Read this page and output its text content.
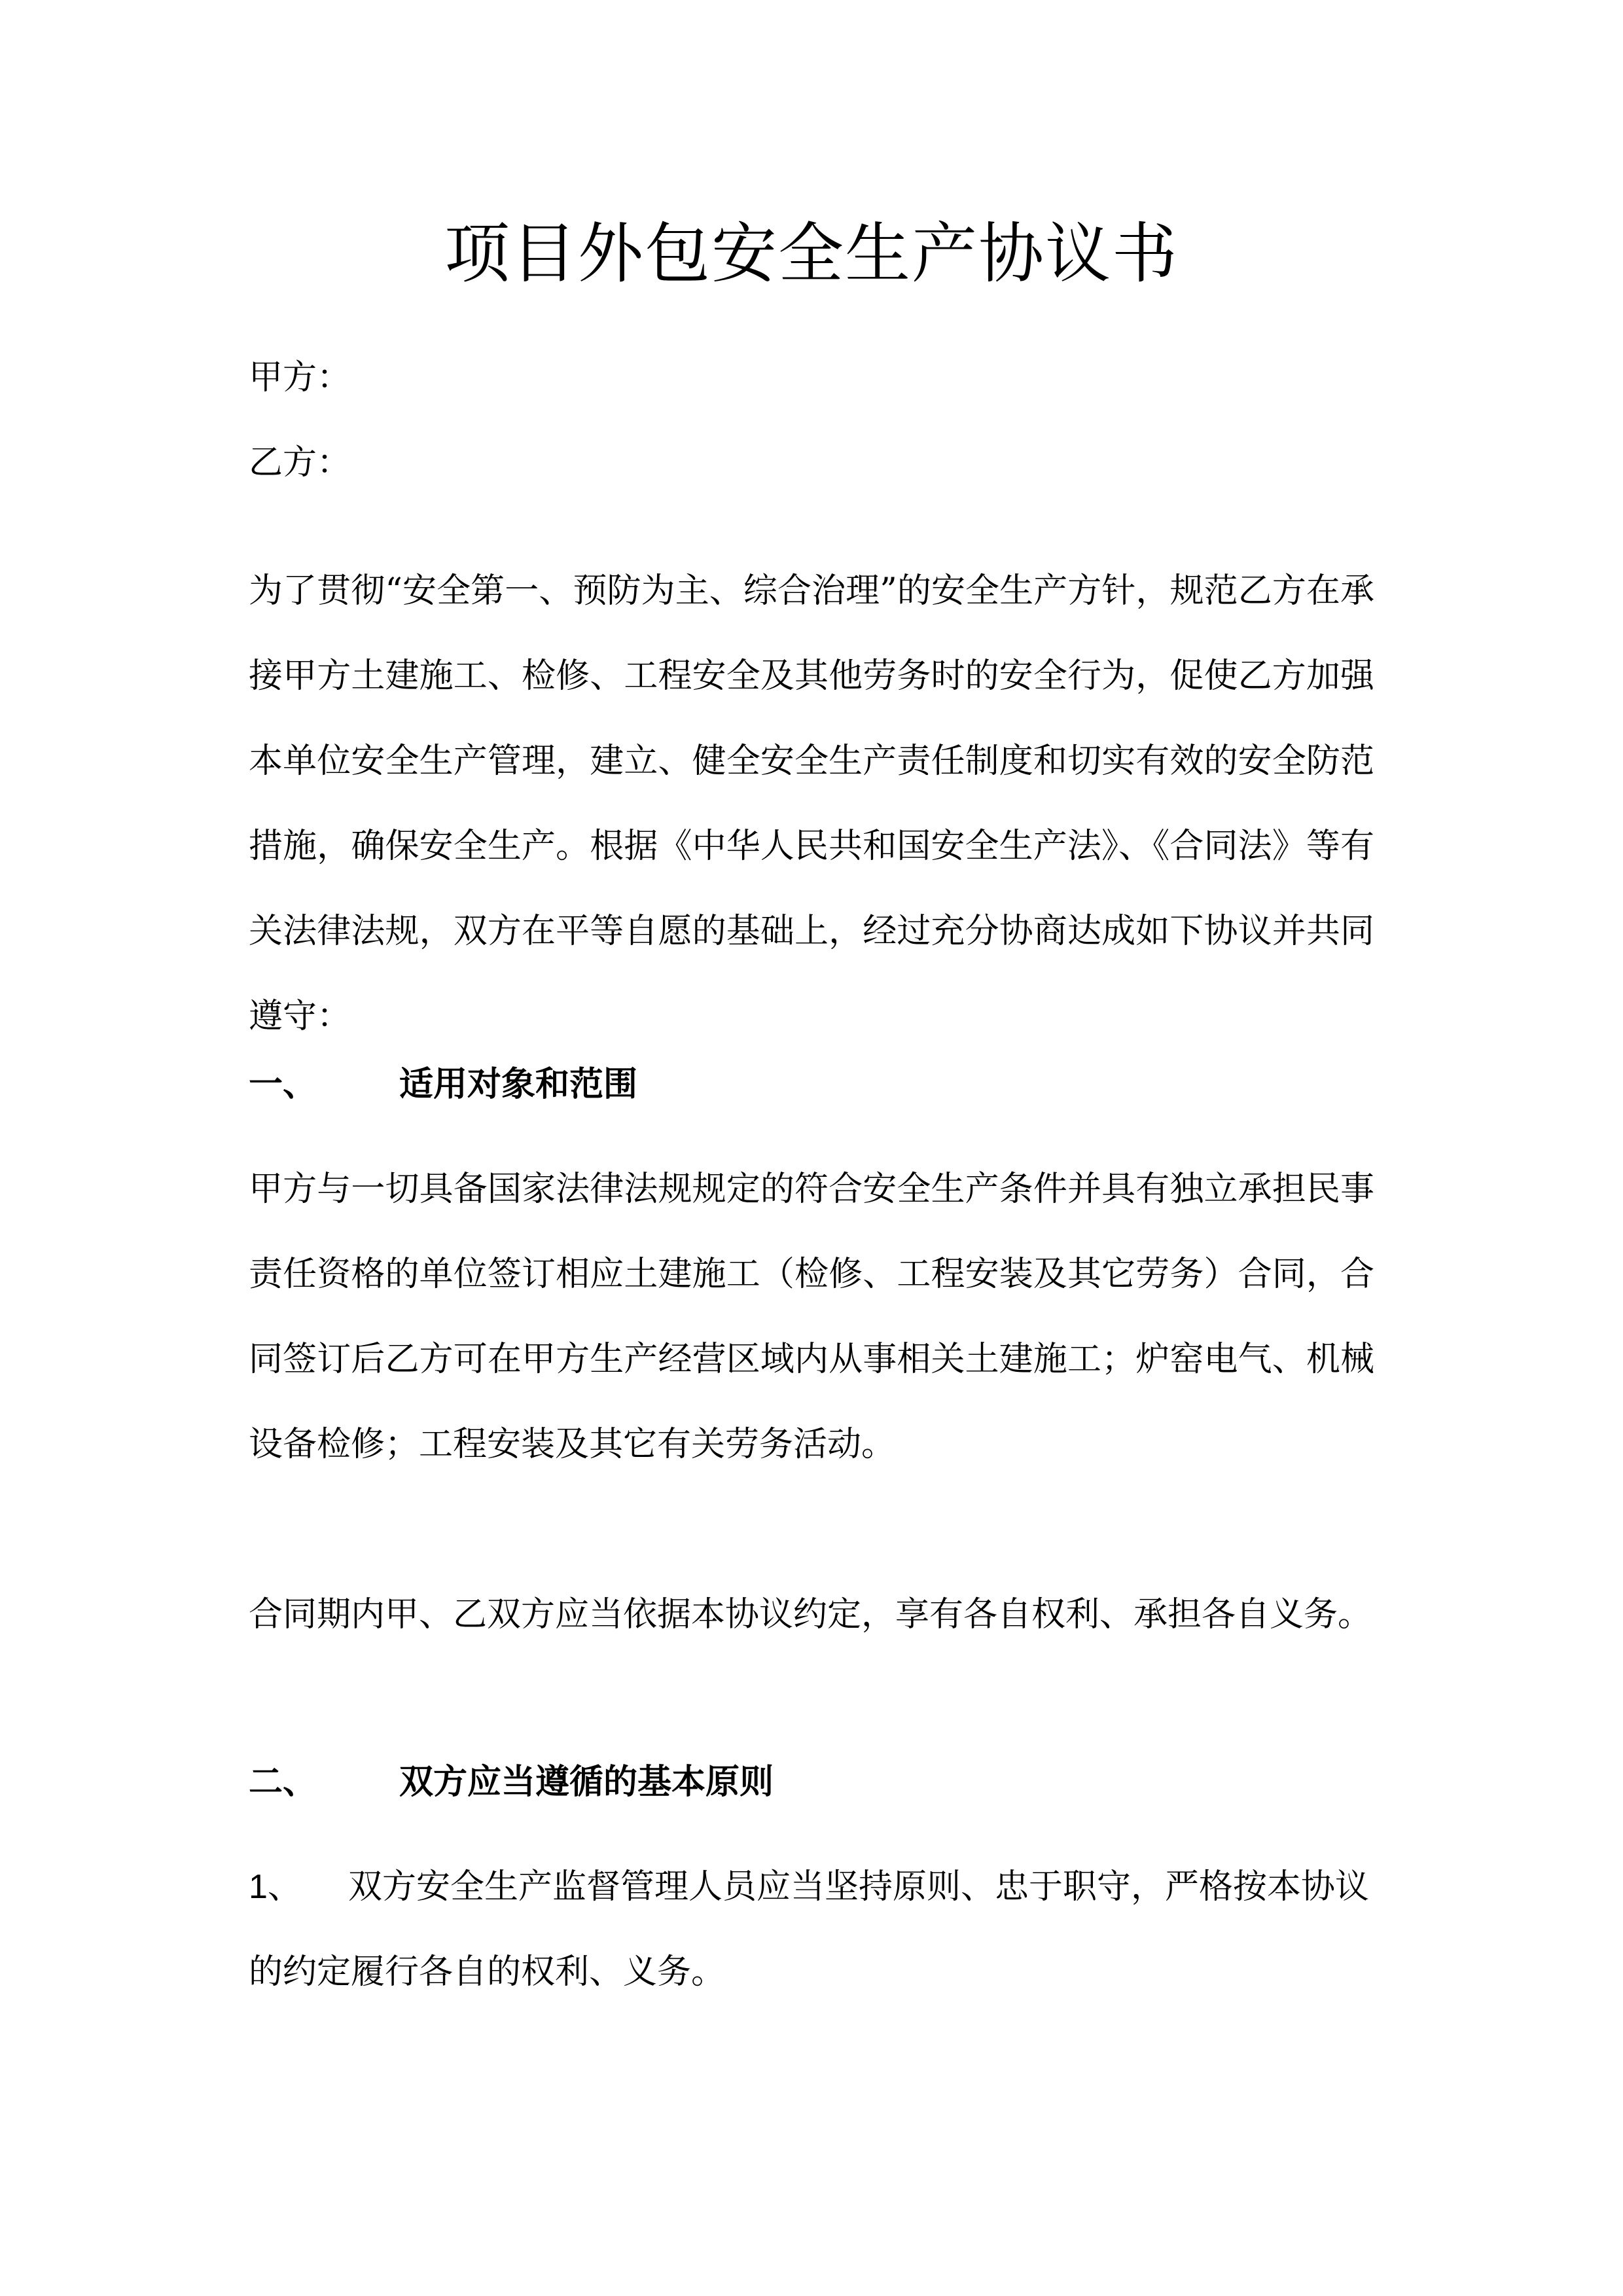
项目外包安全生产协议书
甲方：
乙方：
为了贯彻“安全第一、预防为主、综合治理”的安全生产方针，规范乙方在承接甲方土建施工、检修、工程安全及其他劳务时的安全行为，促使乙方加强本单位安全生产管理，建立、健全安全生产责任制度和切实有效的安全防范措施，确保安全生产。根据《中华人民共和国安全生产法》、《合同法》等有关法律法规，双方在平等自愿的基础上，经过充分协商达成如下协议并共同遵守：
一、 适用对象和范围
甲方与一切具备国家法律法规规定的符合安全生产条件并具有独立承担民事责任资格的单位签订相应土建施工（检修、工程安装及其它劳务）合同，合同签订后乙方可在甲方生产经营区域内从事相关土建施工；炉窑电气、机械设备检修；工程安装及其它有关劳务活动。
合同期内甲、乙双方应当依据本协议约定，享有各自权利、承担各自义务。
二、 双方应当遵循的基本原则
1、 双方安全生产监督管理人员应当坚持原则、忠于职守，严格按本协议的约定履行各自的权利、义务。
